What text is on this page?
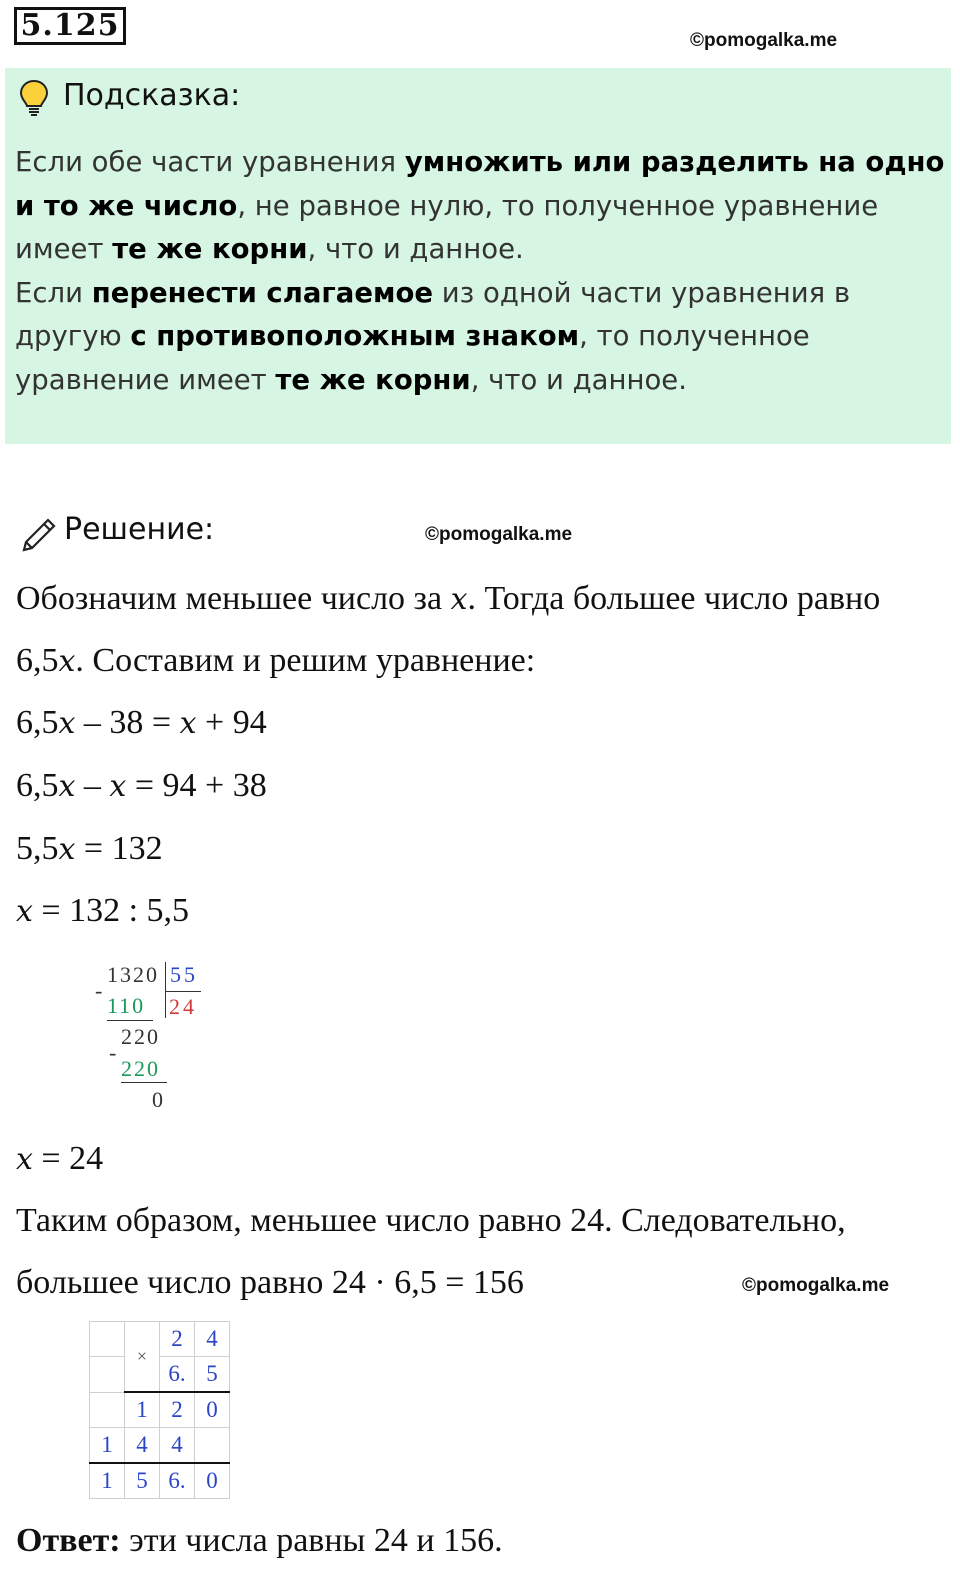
5.125	©pomogalka.me
Подсказка:
Если обе части уравнения умножить или разделить на одно и то же число, не равное нулю, то полученное уравнение имеет те же корни, что и данное.
Если перенести слагаемое из одной части уравнения в другую с противоположным знаком, то полученное уравнение имеет те же корни, что и данное.
Решение:	©pomogalka.me
Обозначим меньшее число за x. Тогда большее число равно
6,5x. Составим и решим уравнение:
6,5x – 38 = x + 94
6,5x – x = 94 + 38
5,5x = 132
x = 132 : 5,5
1320 55
-
110 24
220
-
220
0
x = 24
Таким образом, меньшее число равно 24. Следовательно,
большее число равно 24 · 6,5 = 156	©pomogalka.me
	×	2	4
		6.	5
	1	2	0
1	4	4	
1	5	6.	0
Ответ: эти числа равны 24 и 156.
